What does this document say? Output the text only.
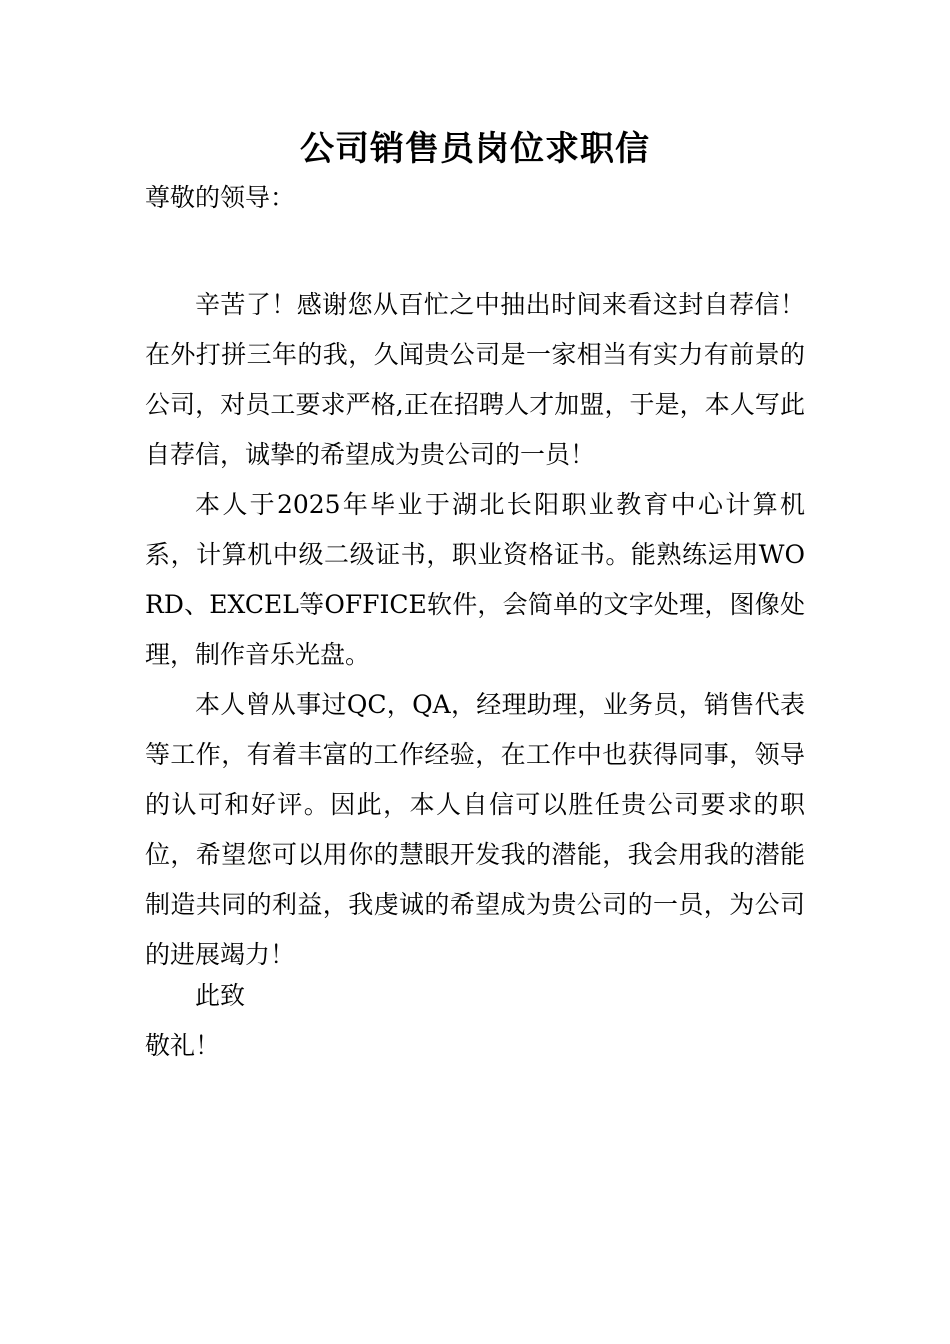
公司销售员岗位求职信
尊敬的领导：

辛苦了！感谢您从百忙之中抽出时间来看这封自荐信！在外打拼三年的我，久闻贵公司是一家相当有实力有前景的公司，对员工要求严格,正在招聘人才加盟，于是，本人写此自荐信，诚挚的希望成为贵公司的一员！

本人于2025年毕业于湖北长阳职业教育中心计算机系，计算机中级二级证书，职业资格证书。能熟练运用WORD、EXCEL等OFFICE软件，会简单的文字处理，图像处理，制作音乐光盘。

本人曾从事过QC，QA，经理助理，业务员，销售代表等工作，有着丰富的工作经验，在工作中也获得同事，领导的认可和好评。因此，本人自信可以胜任贵公司要求的职位，希望您可以用你的慧眼开发我的潜能，我会用我的潜能制造共同的利益，我虔诚的希望成为贵公司的一员，为公司的进展竭力！

此致
敬礼！
